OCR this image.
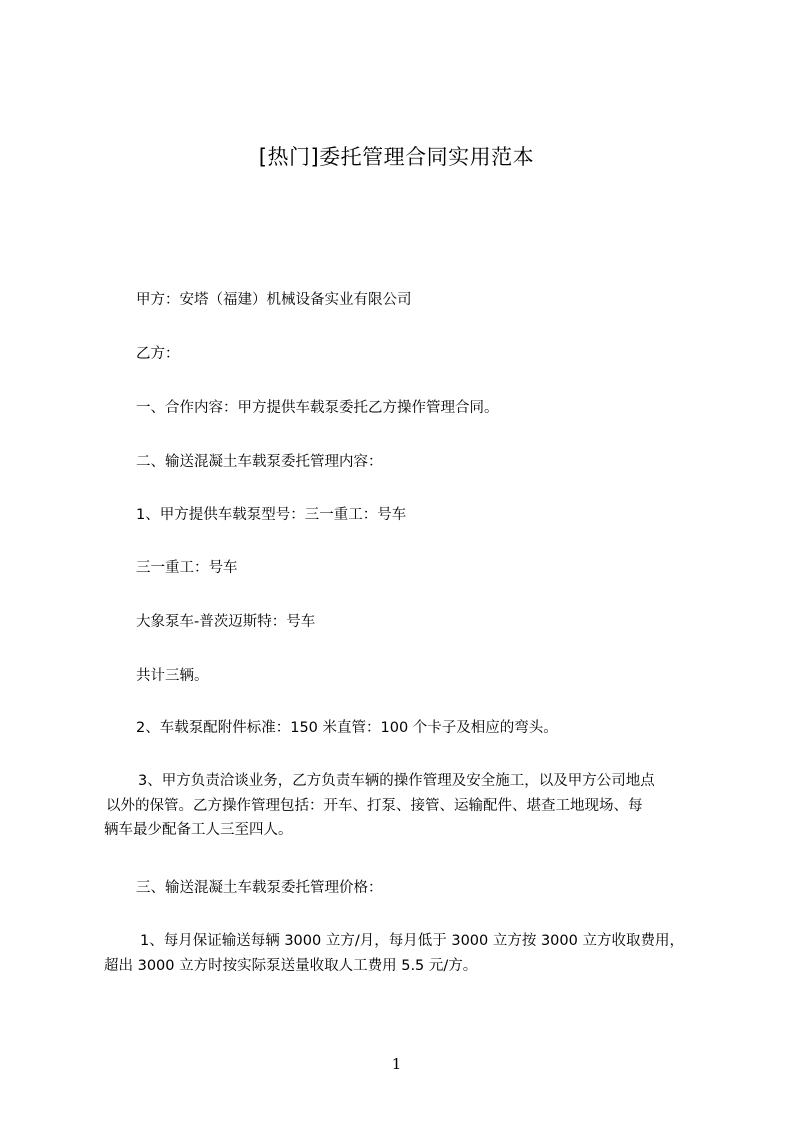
[热门]委托管理合同实用范本
甲方：安塔（福建）机械设备实业有限公司
乙方：
一、合作内容：甲方提供车载泵委托乙方操作管理合同。
二、输送混凝土车载泵委托管理内容：
1、甲方提供车载泵型号：三一重工：号车
三一重工：号车
大象泵车-普茨迈斯特：号车
共计三辆。
2、车载泵配附件标准：150 米直管：100 个卡子及相应的弯头。
3、甲方负责洽谈业务，乙方负责车辆的操作管理及安全施工，以及甲方公司地点
以外的保管。乙方操作管理包括：开车、打泵、接管、运输配件、堪查工地现场、每
辆车最少配备工人三至四人。
三、输送混凝土车载泵委托管理价格：
1、每月保证输送每辆 3000 立方/月，每月低于 3000 立方按 3000 立方收取费用，
超出 3000 立方时按实际泵送量收取人工费用 5.5 元/方。
1
